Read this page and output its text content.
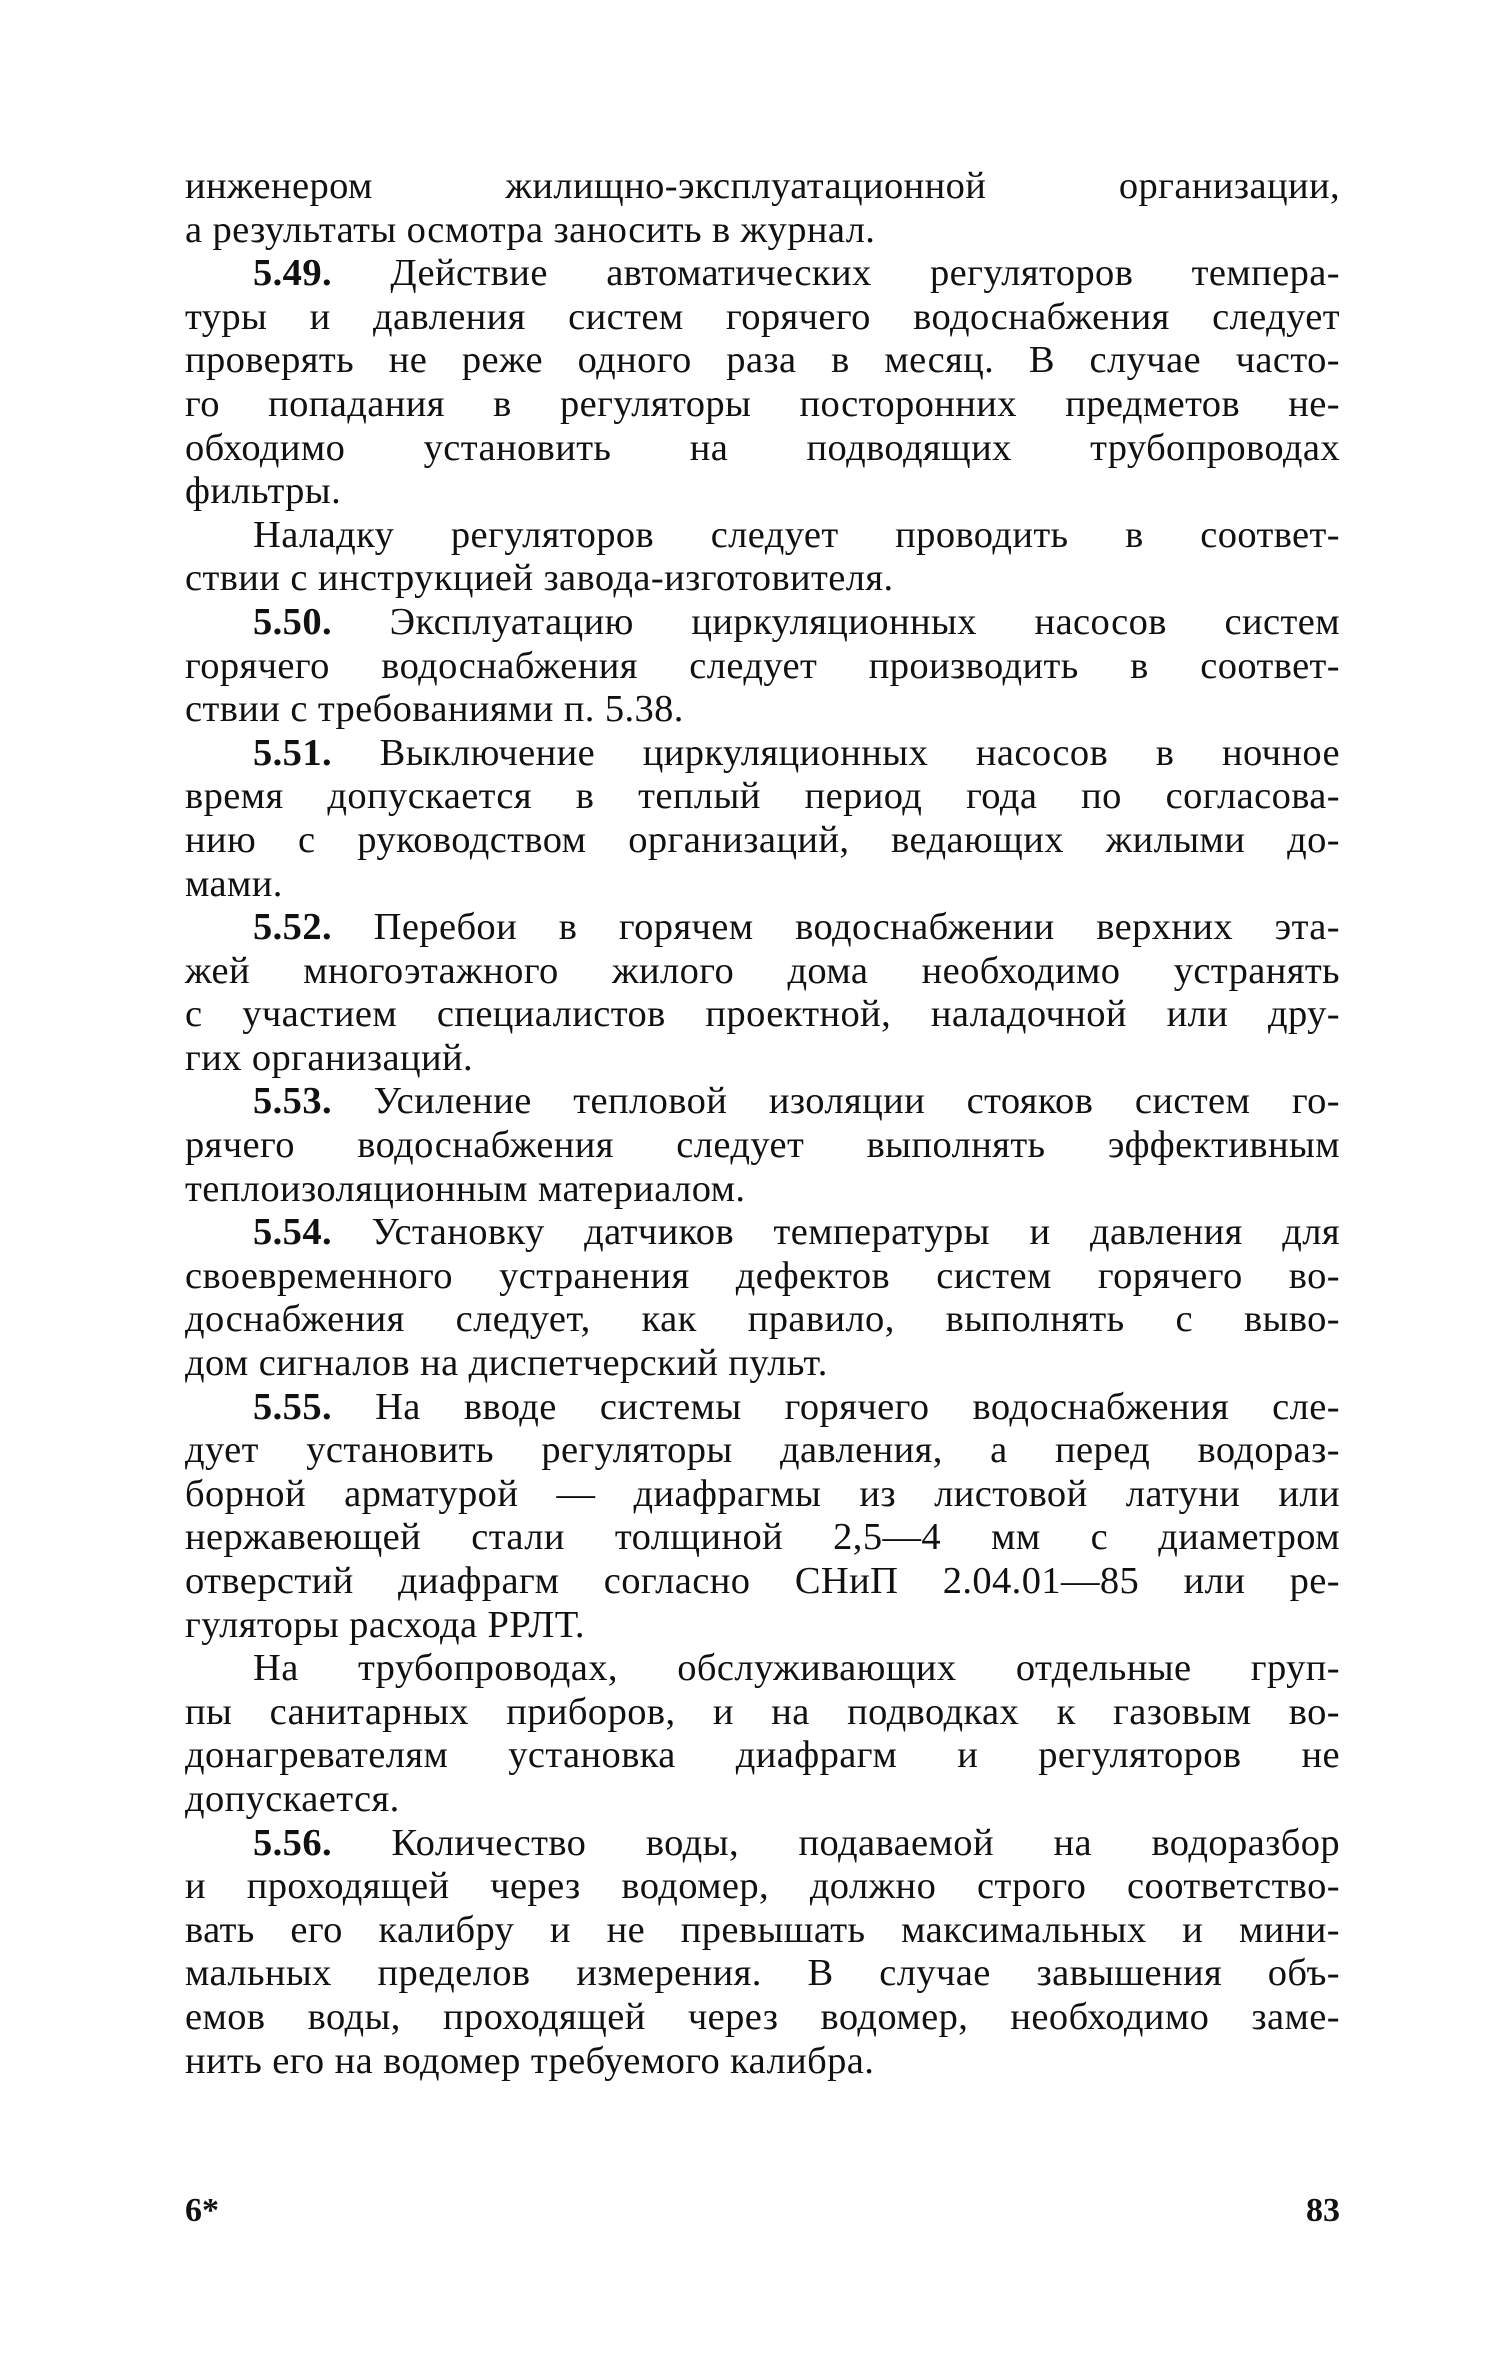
инженером жилищно-эксплуатационной организации,
а результаты осмотра заносить в журнал.
5.49. Действие автоматических регуляторов темпера-
туры и давления систем горячего водоснабжения следует
проверять не реже одного раза в месяц. В случае часто-
го попадания в регуляторы посторонних предметов не-
обходимо установить на подводящих трубопроводах
фильтры.
Наладку регуляторов следует проводить в соответ-
ствии с инструкцией завода-изготовителя.
5.50. Эксплуатацию циркуляционных насосов систем
горячего водоснабжения следует производить в соответ-
ствии с требованиями п. 5.38.
5.51. Выключение циркуляционных насосов в ночное
время допускается в теплый период года по согласова-
нию с руководством организаций, ведающих жилыми до-
мами.
5.52. Перебои в горячем водоснабжении верхних эта-
жей многоэтажного жилого дома необходимо устранять
с участием специалистов проектной, наладочной или дру-
гих организаций.
5.53. Усиление тепловой изоляции стояков систем го-
рячего водоснабжения следует выполнять эффективным
теплоизоляционным материалом.
5.54. Установку датчиков температуры и давления для
своевременного устранения дефектов систем горячего во-
доснабжения следует, как правило, выполнять с выво-
дом сигналов на диспетчерский пульт.
5.55. На вводе системы горячего водоснабжения сле-
дует установить регуляторы давления, а перед водораз-
борной арматурой — диафрагмы из листовой латуни или
нержавеющей стали толщиной 2,5—4 мм с диаметром
отверстий диафрагм согласно СНиП 2.04.01—85 или ре-
гуляторы расхода РРЛТ.
На трубопроводах, обслуживающих отдельные груп-
пы санитарных приборов, и на подводках к газовым во-
донагревателям установка диафрагм и регуляторов не
допускается.
5.56. Количество воды, подаваемой на водоразбор
и проходящей через водомер, должно строго соответство-
вать его калибру и не превышать максимальных и мини-
мальных пределов измерения. В случае завышения объ-
емов воды, проходящей через водомер, необходимо заме-
нить его на водомер требуемого калибра.
6*	83
